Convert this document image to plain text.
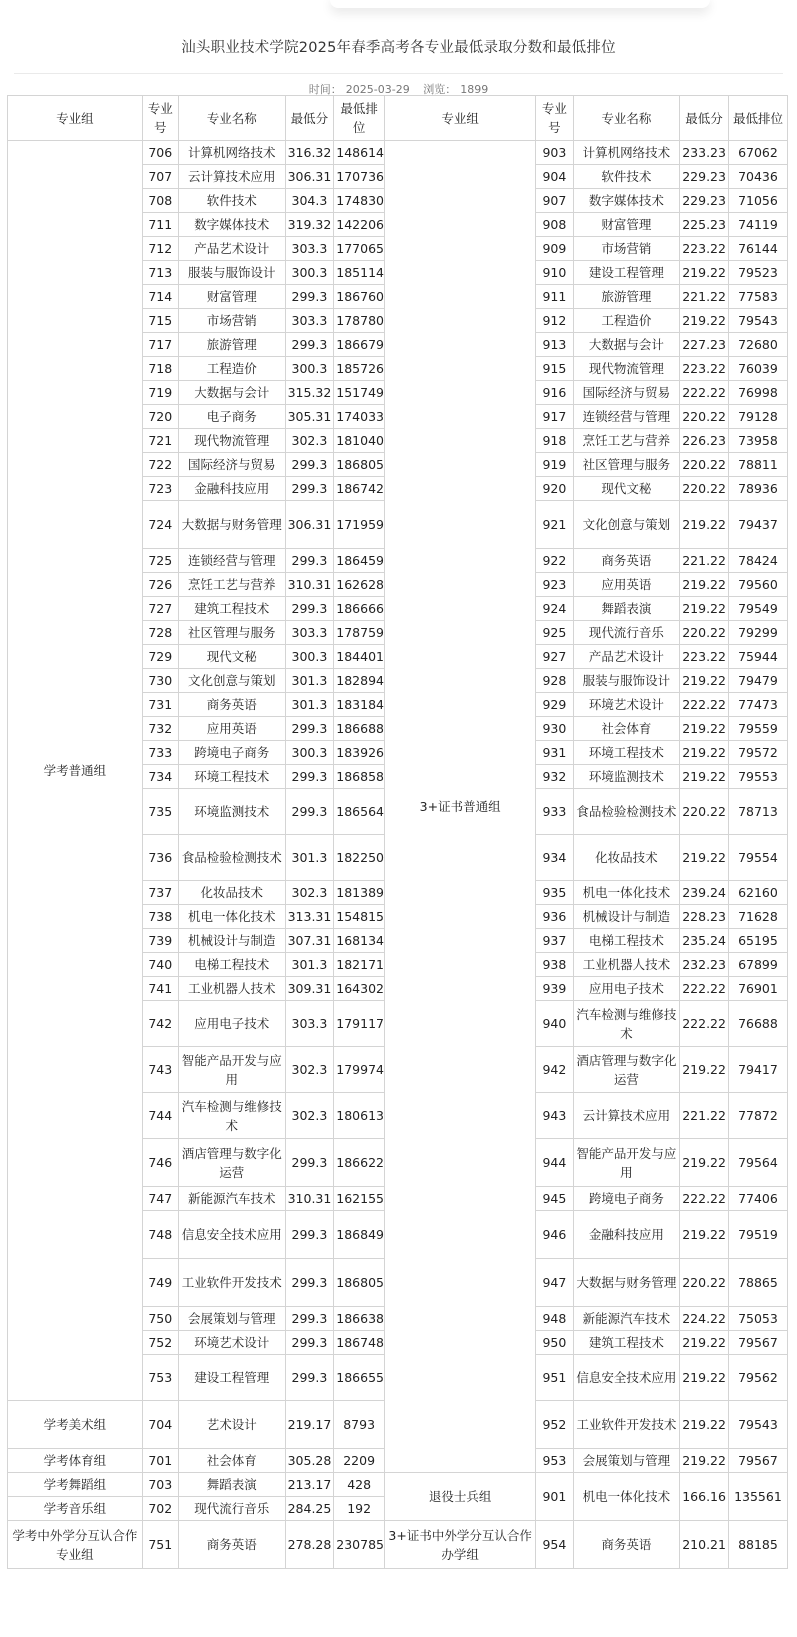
汕头职业技术学院2025年春季高考各专业最低录取分数和最低排位
时间： 2025-03-29 浏览： 1899
专业组	专业号	专业名称	最低分	最低排位	专业组	专业号	专业名称	最低分	最低排位
学考普通组	706	计算机网络技术	316.32	148614	3+证书普通组	903	计算机网络技术	233.23	67062
	707	云计算技术应用	306.31	170736		904	软件技术	229.23	70436
	708	软件技术	304.3	174830		907	数字媒体技术	229.23	71056
	711	数字媒体技术	319.32	142206		908	财富管理	225.23	74119
	712	产品艺术设计	303.3	177065		909	市场营销	223.22	76144
	713	服装与服饰设计	300.3	185114		910	建设工程管理	219.22	79523
	714	财富管理	299.3	186760		911	旅游管理	221.22	77583
	715	市场营销	303.3	178780		912	工程造价	219.22	79543
	717	旅游管理	299.3	186679		913	大数据与会计	227.23	72680
	718	工程造价	300.3	185726		915	现代物流管理	223.22	76039
	719	大数据与会计	315.32	151749		916	国际经济与贸易	222.22	76998
	720	电子商务	305.31	174033		917	连锁经营与管理	220.22	79128
	721	现代物流管理	302.3	181040		918	烹饪工艺与营养	226.23	73958
	722	国际经济与贸易	299.3	186805		919	社区管理与服务	220.22	78811
	723	金融科技应用	299.3	186742		920	现代文秘	220.22	78936
	724	大数据与财务管理	306.31	171959		921	文化创意与策划	219.22	79437
	725	连锁经营与管理	299.3	186459		922	商务英语	221.22	78424
	726	烹饪工艺与营养	310.31	162628		923	应用英语	219.22	79560
	727	建筑工程技术	299.3	186666		924	舞蹈表演	219.22	79549
	728	社区管理与服务	303.3	178759		925	现代流行音乐	220.22	79299
	729	现代文秘	300.3	184401		927	产品艺术设计	223.22	75944
	730	文化创意与策划	301.3	182894		928	服装与服饰设计	219.22	79479
	731	商务英语	301.3	183184		929	环境艺术设计	222.22	77473
	732	应用英语	299.3	186688		930	社会体育	219.22	79559
	733	跨境电子商务	300.3	183926		931	环境工程技术	219.22	79572
	734	环境工程技术	299.3	186858		932	环境监测技术	219.22	79553
	735	环境监测技术	299.3	186564		933	食品检验检测技术	220.22	78713
	736	食品检验检测技术	301.3	182250		934	化妆品技术	219.22	79554
	737	化妆品技术	302.3	181389		935	机电一体化技术	239.24	62160
	738	机电一体化技术	313.31	154815		936	机械设计与制造	228.23	71628
	739	机械设计与制造	307.31	168134		937	电梯工程技术	235.24	65195
	740	电梯工程技术	301.3	182171		938	工业机器人技术	232.23	67899
	741	工业机器人技术	309.31	164302		939	应用电子技术	222.22	76901
	742	应用电子技术	303.3	179117		940	汽车检测与维修技术	222.22	76688
	743	智能产品开发与应用	302.3	179974		942	酒店管理与数字化运营	219.22	79417
	744	汽车检测与维修技术	302.3	180613		943	云计算技术应用	221.22	77872
	746	酒店管理与数字化运营	299.3	186622		944	智能产品开发与应用	219.22	79564
	747	新能源汽车技术	310.31	162155		945	跨境电子商务	222.22	77406
	748	信息安全技术应用	299.3	186849		946	金融科技应用	219.22	79519
	749	工业软件开发技术	299.3	186805		947	大数据与财务管理	220.22	78865
	750	会展策划与管理	299.3	186638		948	新能源汽车技术	224.22	75053
	752	环境艺术设计	299.3	186748		950	建筑工程技术	219.22	79567
	753	建设工程管理	299.3	186655		951	信息安全技术应用	219.22	79562
学考美术组	704	艺术设计	219.17	8793		952	工业软件开发技术	219.22	79543
学考体育组	701	社会体育	305.28	2209		953	会展策划与管理	219.22	79567
学考舞蹈组	703	舞蹈表演	213.17	428	退役士兵组	901	机电一体化技术	166.16	135561
学考音乐组	702	现代流行音乐	284.25	192					
学考中外学分互认合作专业组	751	商务英语	278.28	230785	3+证书中外学分互认合作办学组	954	商务英语	210.21	88185
